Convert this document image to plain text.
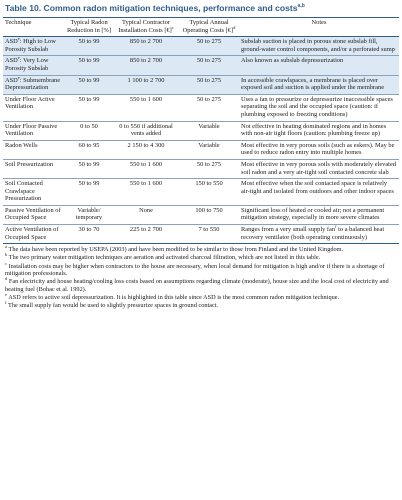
Table 10. Common radon mitigation techniques, performance and costs$^{a,b}$
Technique	Typical Radon Reduction in [%]	Typical Contractor Installation Costs [€]$^c$	Typical Annual Operating Costs [€]$^d$	Notes
ASD$^e$: High to Low Porosity Subslab	50 to 99	850 to 2 700	50 to 275	Subslab suction is placed in porous stone subslab fill, ground-water control components, and/or a perforated sump
ASD$^e$: Very Low Porosity Subslab	50 to 99	850 to 2 700	50 to 275	Also known as subslab depressurization
ASD$^e$: Submembrane Depressurization	50 to 99	1 100 to 2 700	50 to 275	In accessible crawlspaces, a membrane is placed over exposed soil and suction is applied under the membrane
Under Floor Active Ventilation	50 to 99	550 to 1 600	50 to 275	Uses a fan to pressurize or depressurize inaccessible spaces separating the soil and the occupied space (caution: if plumbing exposed to freezing conditions)
Under Floor Passive Ventilation	0 to 50	0 to 550 if additional vents added	Variable	Not effective in heating dominated regions and in homes with non-air tight floors (caution: plumbing freeze up)
Radon Wells	60 to 95	2 150 to 4 300	Variable	Most effective in very porous soils (such as eskers). May be used to reduce radon entry into multiple homes
Soil Pressurization	50 to 99	550 to 1 600	50 to 275	Most effective in very porous soils with moderately elevated soil radon and a very air-tight soil contacted concrete slab
Soil Contacted Crawlspace Pressurization	50 to 99	550 to 1 600	150 to 550	Most effective when the soil contacted space is relatively air-tight and isolated from outdoors and other indoor spaces
Passive Ventilation of Occupied Space	Variable/ temporary	None	100 to 750	Significant loss of heated or cooled air; not a permanent mitigation strategy, especially in more severe climates
Active Ventilation of Occupied Space	30 to 70	225 to 2 700	7 to 550	Ranges from a very small supply fan$^f$ to a balanced heat recovery ventilator (both operating continuously)
$^a$ The data have been reported by USEPA (2003) and have been modified to be similar to those from Finland and the United Kingdom.
$^b$ The two primary water mitigation techniques are aeration and activated charcoal filtration, which are not listed in this table.
$^c$ Installation costs may be higher when contractors to the house are necessary, when local demand for mitigation is high and/or if there is a shortage of mitigation professionals.
$^d$ Fan electricity and house heating/cooling loss costs based on assumptions regarding climate (moderate), house size and the local cost of electricity and heating fuel (Bohac et al. 1992).
$^e$ ASD refers to active soil depressurization. It is highlighted in this table since ASD is the most common radon mitigation technique.
$^f$ The small supply fan would be used to slightly pressurize spaces in ground contact.
